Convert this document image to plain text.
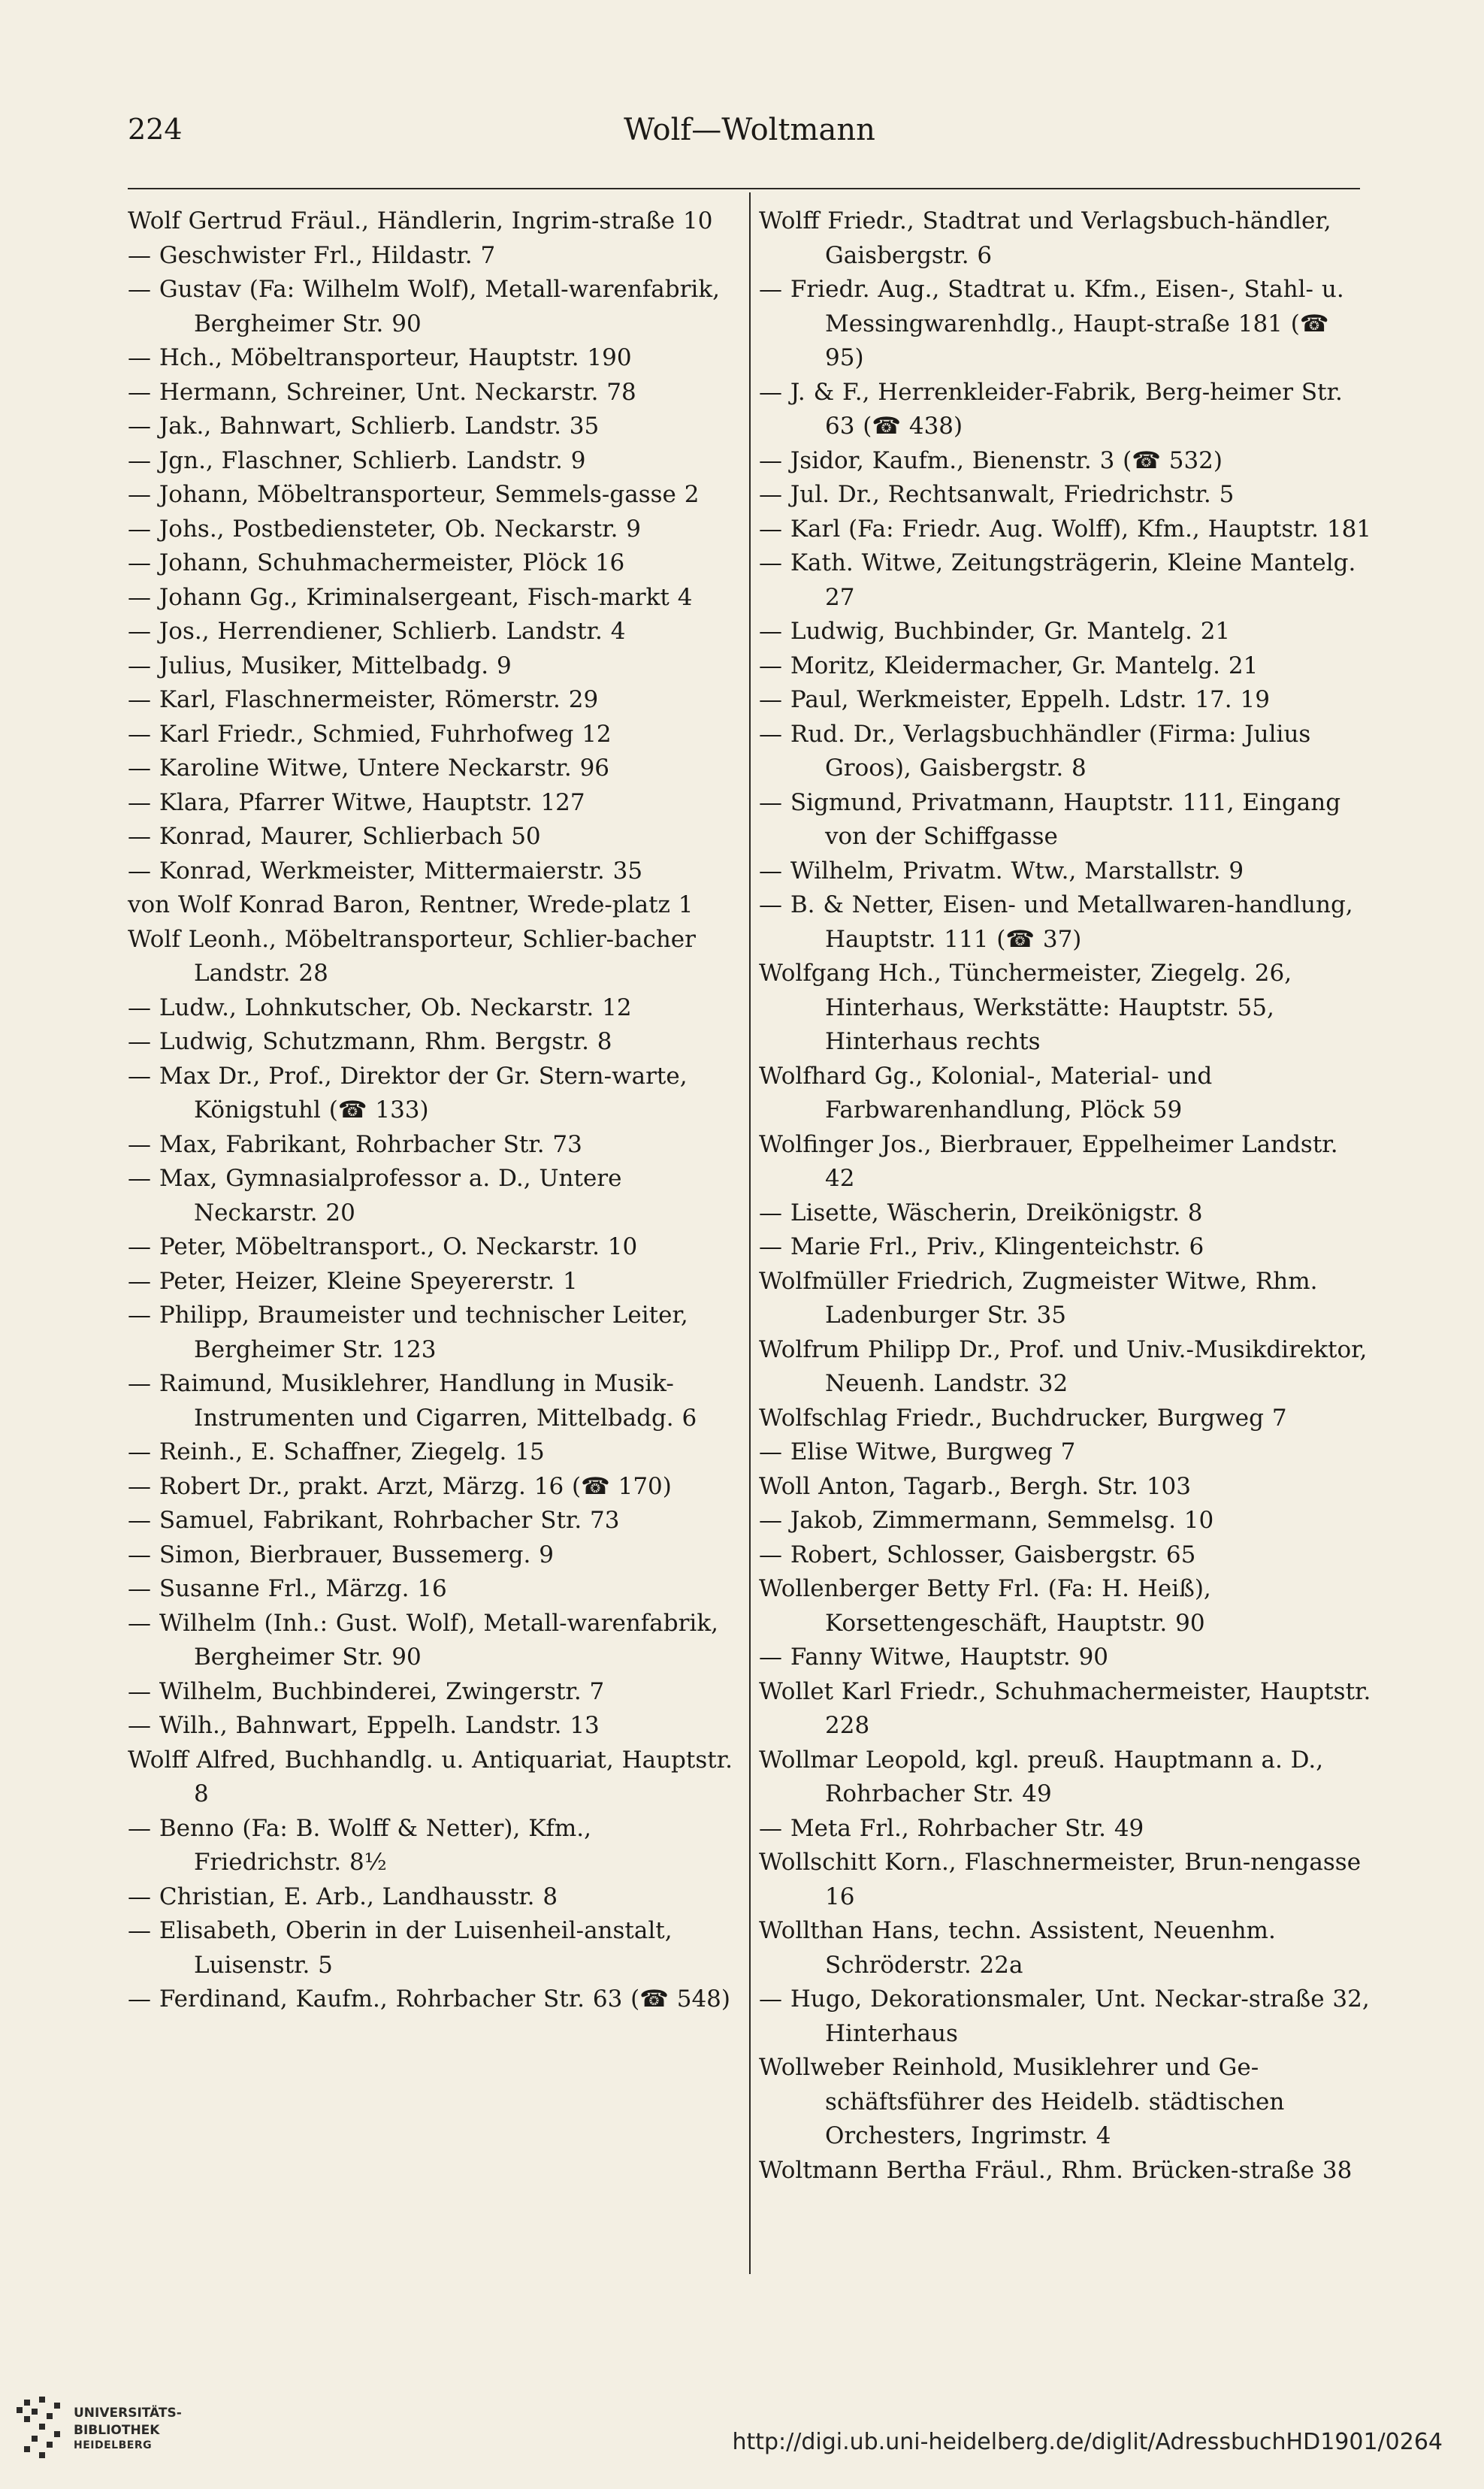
224	Wolf—Woltmann

Wolf Gertrud Fräul., Händlerin, Ingrim-straße 10

— Geschwister Frl., Hildastr. 7

— Gustav (Fa: Wilhelm Wolf), Metall-warenfabrik, Bergheimer Str. 90

— Hch., Möbeltransporteur, Hauptstr. 190

— Hermann, Schreiner, Unt. Neckarstr. 78

— Jak., Bahnwart, Schlierb. Landstr. 35

— Jgn., Flaschner, Schlierb. Landstr. 9

— Johann, Möbeltransporteur, Semmels-gasse 2

— Johs., Postbediensteter, Ob. Neckarstr. 9

— Johann, Schuhmachermeister, Plöck 16

— Johann Gg., Kriminalsergeant, Fisch-markt 4

— Jos., Herrendiener, Schlierb. Landstr. 4

— Julius, Musiker, Mittelbadg. 9

— Karl, Flaschnermeister, Römerstr. 29

— Karl Friedr., Schmied, Fuhrhofweg 12

— Karoline Witwe, Untere Neckarstr. 96

— Klara, Pfarrer Witwe, Hauptstr. 127

— Konrad, Maurer, Schlierbach 50

— Konrad, Werkmeister, Mittermaierstr. 35

von Wolf Konrad Baron, Rentner, Wrede-platz 1

Wolf Leonh., Möbeltransporteur, Schlier-bacher Landstr. 28

— Ludw., Lohnkutscher, Ob. Neckarstr. 12

— Ludwig, Schutzmann, Rhm. Bergstr. 8

— Max Dr., Prof., Direktor der Gr. Stern-warte, Königstuhl (☎ 133)

— Max, Fabrikant, Rohrbacher Str. 73

— Max, Gymnasialprofessor a. D., Untere Neckarstr. 20

— Peter, Möbeltransport., O. Neckarstr. 10

— Peter, Heizer, Kleine Speyererstr. 1

— Philipp, Braumeister und technischer Leiter, Bergheimer Str. 123

— Raimund, Musiklehrer, Handlung in Musik-Instrumenten und Cigarren, Mittelbadg. 6

— Reinh., E. Schaffner, Ziegelg. 15

— Robert Dr., prakt. Arzt, Märzg. 16 (☎ 170)

— Samuel, Fabrikant, Rohrbacher Str. 73

— Simon, Bierbrauer, Bussemerg. 9

— Susanne Frl., Märzg. 16

— Wilhelm (Inh.: Gust. Wolf), Metall-warenfabrik, Bergheimer Str. 90

— Wilhelm, Buchbinderei, Zwingerstr. 7

— Wilh., Bahnwart, Eppelh. Landstr. 13

Wolff Alfred, Buchhandlg. u. Antiquariat, Hauptstr. 8

— Benno (Fa: B. Wolff & Netter), Kfm., Friedrichstr. 8½

— Christian, E. Arb., Landhausstr. 8

— Elisabeth, Oberin in der Luisenheil-anstalt, Luisenstr. 5

— Ferdinand, Kaufm., Rohrbacher Str. 63 (☎ 548)

Wolff Friedr., Stadtrat und Verlagsbuch-händler, Gaisbergstr. 6

— Friedr. Aug., Stadtrat u. Kfm., Eisen-, Stahl- u. Messingwarenhdlg., Haupt-straße 181 (☎ 95)

— J. & F., Herrenkleider-Fabrik, Berg-heimer Str. 63 (☎ 438)

— Jsidor, Kaufm., Bienenstr. 3 (☎ 532)

— Jul. Dr., Rechtsanwalt, Friedrichstr. 5

— Karl (Fa: Friedr. Aug. Wolff), Kfm., Hauptstr. 181

— Kath. Witwe, Zeitungsträgerin, Kleine Mantelg. 27

— Ludwig, Buchbinder, Gr. Mantelg. 21

— Moritz, Kleidermacher, Gr. Mantelg. 21

— Paul, Werkmeister, Eppelh. Ldstr. 17. 19

— Rud. Dr., Verlagsbuchhändler (Firma: Julius Groos), Gaisbergstr. 8

— Sigmund, Privatmann, Hauptstr. 111, Eingang von der Schiffgasse

— Wilhelm, Privatm. Wtw., Marstallstr. 9

— B. & Netter, Eisen- und Metallwaren-handlung, Hauptstr. 111 (☎ 37)

Wolfgang Hch., Tünchermeister, Ziegelg. 26, Hinterhaus, Werkstätte: Hauptstr. 55, Hinterhaus rechts

Wolfhard Gg., Kolonial-, Material- und Farbwarenhandlung, Plöck 59

Wolfinger Jos., Bierbrauer, Eppelheimer Landstr. 42

— Lisette, Wäscherin, Dreikönigstr. 8

— Marie Frl., Priv., Klingenteichstr. 6

Wolfmüller Friedrich, Zugmeister Witwe, Rhm. Ladenburger Str. 35

Wolfrum Philipp Dr., Prof. und Univ.-Musikdirektor, Neuenh. Landstr. 32

Wolfschlag Friedr., Buchdrucker, Burgweg 7

— Elise Witwe, Burgweg 7

Woll Anton, Tagarb., Bergh. Str. 103

— Jakob, Zimmermann, Semmelsg. 10

— Robert, Schlosser, Gaisbergstr. 65

Wollenberger Betty Frl. (Fa: H. Heiß), Korsettengeschäft, Hauptstr. 90

— Fanny Witwe, Hauptstr. 90

Wollet Karl Friedr., Schuhmachermeister, Hauptstr. 228

Wollmar Leopold, kgl. preuß. Hauptmann a. D., Rohrbacher Str. 49

— Meta Frl., Rohrbacher Str. 49

Wollschitt Korn., Flaschnermeister, Brun-nengasse 16

Wollthan Hans, techn. Assistent, Neuenhm. Schröderstr. 22a

— Hugo, Dekorationsmaler, Unt. Neckar-straße 32, Hinterhaus

Wollweber Reinhold, Musiklehrer und Ge-schäftsführer des Heidelb. städtischen Orchesters, Ingrimstr. 4

Woltmann Bertha Fräul., Rhm. Brücken-straße 38

UNIVERSITÄTS-
BIBLIOTHEK
HEIDELBERG	http://digi.ub.uni-heidelberg.de/diglit/AdressbuchHD1901/0264
